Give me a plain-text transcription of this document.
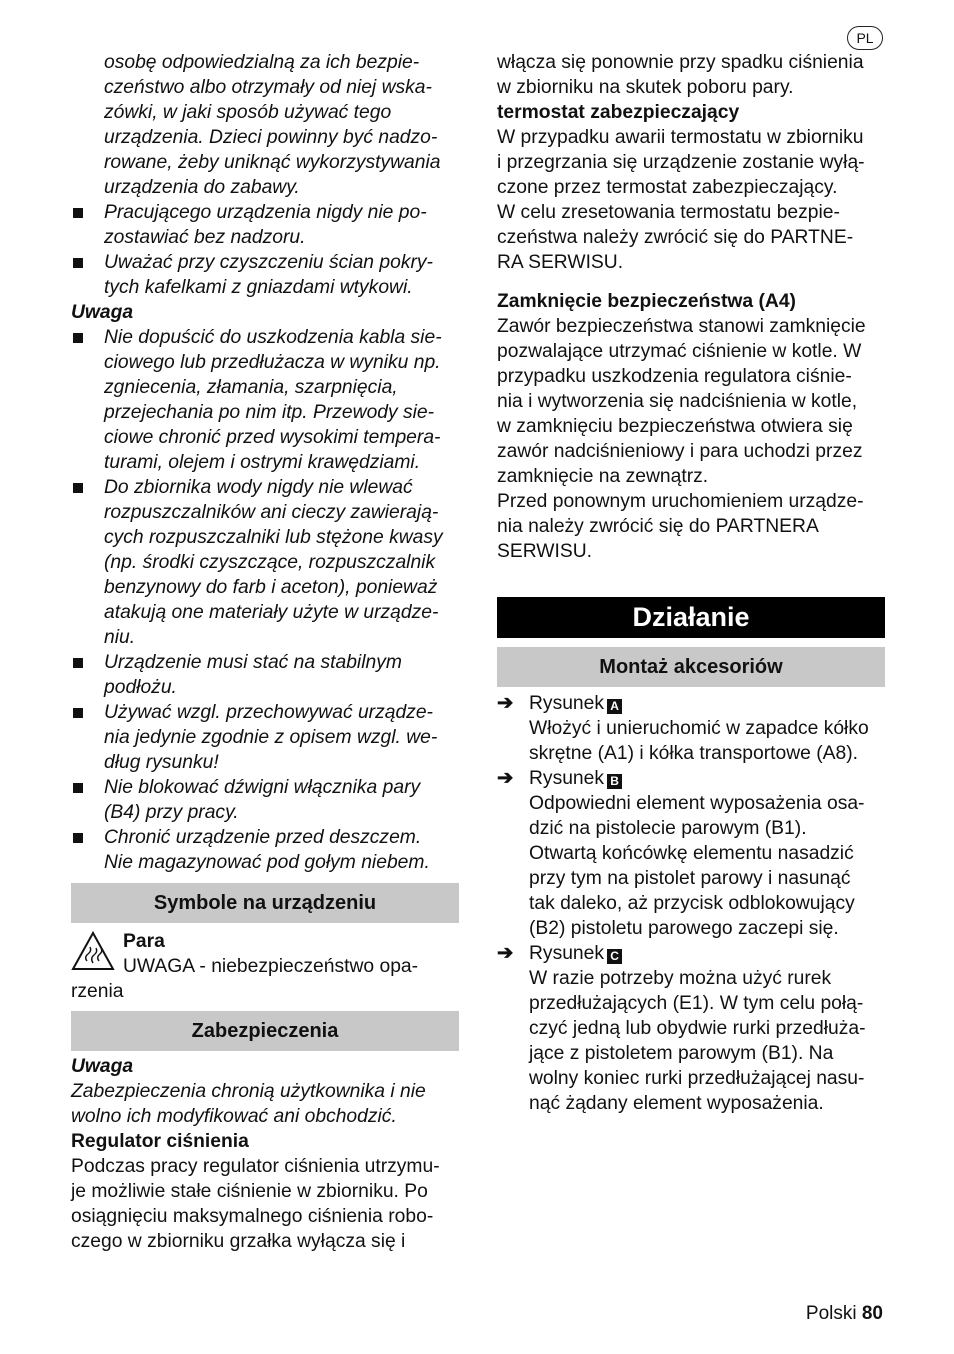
PL

osobę odpowiedzialną za ich bezpie-
czeństwo albo otrzymały od niej wska-
zówki, w jaki sposób używać tego
urządzenia. Dzieci powinny być nadzo-
rowane, żeby uniknąć wykorzystywania
urządzenia do zabawy.

Pracującego urządzenia nigdy nie po-
zostawiać bez nadzoru.
Uważać przy czyszczeniu ścian pokry-
tych kafelkami z gniazdami wtykowi.

Uwaga

Nie dopuścić do uszkodzenia kabla sie-
ciowego lub przedłużacza w wyniku np.
zgniecenia, złamania, szarpnięcia,
przejechania po nim itp. Przewody sie-
ciowe chronić przed wysokimi tempera-
turami, olejem i ostrymi krawędziami.
Do zbiornika wody nigdy nie wlewać
rozpuszczalników ani cieczy zawierają-
cych rozpuszczalniki lub stężone kwasy
(np. środki czyszczące, rozpuszczalnik
benzynowy do farb i aceton), ponieważ
atakują one materiały użyte w urządze-
niu.
Urządzenie musi stać na stabilnym
podłożu.
Używać wzgl. przechowywać urządze-
nia jedynie zgodnie z opisem wzgl. we-
dług rysunku!
Nie blokować dźwigni włącznika pary
(B4) przy pracy.
Chronić urządzenie przed deszczem.
Nie magazynować pod gołym niebem.
Symbole na urządzeniu

Para

UWAGA - niebezpieczeństwo opa-

rzenia

Zabezpieczenia

Uwaga

Zabezpieczenia chronią użytkownika i nie
wolno ich modyfikować ani obchodzić.

Regulator ciśnienia

Podczas pracy regulator ciśnienia utrzymu-
je możliwie stałe ciśnienie w zbiorniku. Po
osiągnięciu maksymalnego ciśnienia robo-
czego w zbiorniku grzałka wyłącza się i

włącza się ponownie przy spadku ciśnienia
w zbiorniku na skutek poboru pary.

termostat zabezpieczający

W przypadku awarii termostatu w zbiorniku
i przegrzania się urządzenie zostanie wyłą-
czone przez termostat zabezpieczający.
W celu zresetowania termostatu bezpie-
czeństwa należy zwrócić się do PARTNE-
RA SERWISU.

Zamknięcie bezpieczeństwa (A4)

Zawór bezpieczeństwa stanowi zamknięcie
pozwalające utrzymać ciśnienie w kotle. W
przypadku uszkodzenia regulatora ciśnie-
nia i wytworzenia się nadciśnienia w kotle,
w zamknięciu bezpieczeństwa otwiera się
zawór nadciśnieniowy i para uchodzi przez
zamknięcie na zewnątrz.
Przed ponownym uruchomieniem urządze-
nia należy zwrócić się do PARTNERA
SERWISU.

Działanie
Montaż akcesoriów
➔ Rysunek A

Włożyć i unieruchomić w zapadce kółko
skrętne (A1) i kółka transportowe (A8).

➔ Rysunek B

Odpowiedni element wyposażenia osa-
dzić na pistolecie parowym (B1).
Otwartą końcówkę elementu nasadzić
przy tym na pistolet parowy i nasunąć
tak daleko, aż przycisk odblokowujący
(B2) pistoletu parowego zaczepi się.

➔ Rysunek C

W razie potrzeby można użyć rurek
przedłużających (E1). W tym celu połą-
czyć jedną lub obydwie rurki przedłuża-
jące z pistoletem parowym (B1). Na
wolny koniec rurki przedłużającej nasu-
nąć żądany element wyposażenia.

Polski 80
